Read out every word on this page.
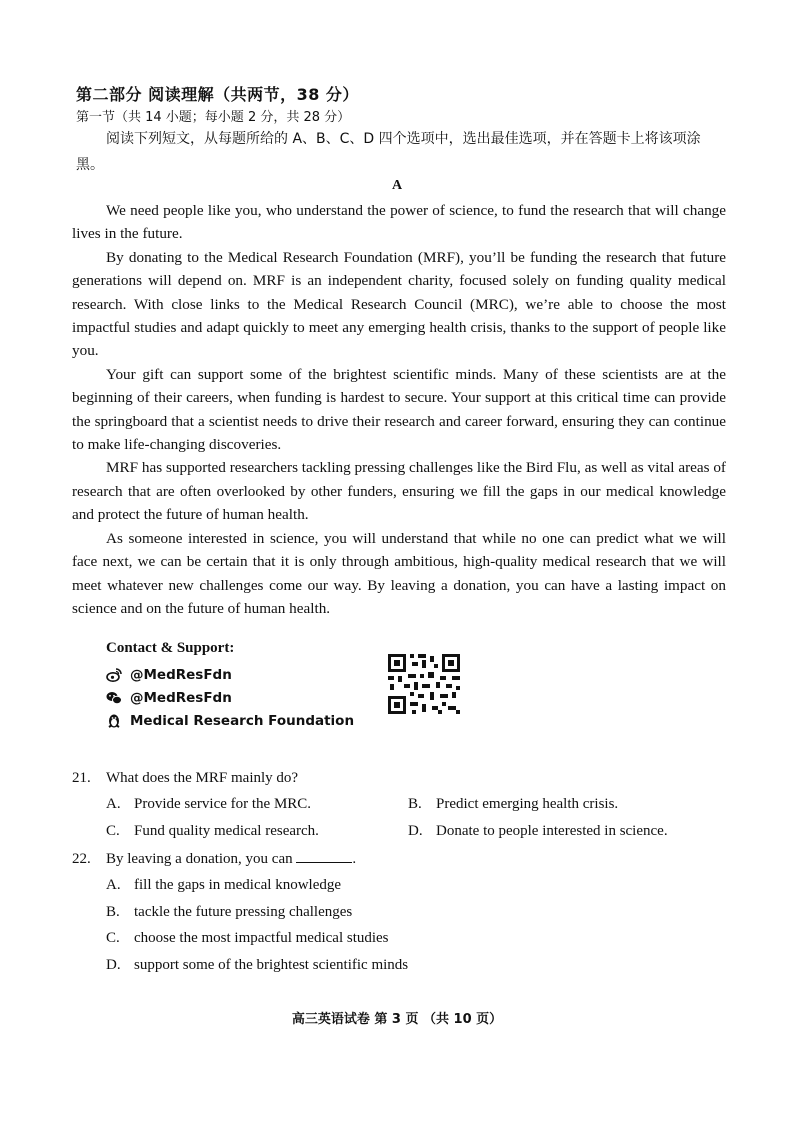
第二部分 阅读理解（共两节，38 分）
第一节（共 14 小题；每小题 2 分，共 28 分）
阅读下列短文，从每题所给的 A、B、C、D 四个选项中，选出最佳选项，并在答题卡上将该项涂黑。
A

We need people like you, who understand the power of science, to fund the research that will change lives in the future.

By donating to the Medical Research Foundation (MRF), you’ll be funding the research that future generations will depend on. MRF is an independent charity, focused solely on funding quality medical research. With close links to the Medical Research Council (MRC), we’re able to choose the most impactful studies and adapt quickly to meet any emerging health crisis, thanks to the support of people like you.

Your gift can support some of the brightest scientific minds. Many of these scientists are at the beginning of their careers, when funding is hardest to secure. Your support at this critical time can provide the springboard that a scientist needs to drive their research and career forward, ensuring they can continue to make life-changing discoveries.

MRF has supported researchers tackling pressing challenges like the Bird Flu, as well as vital areas of research that are often overlooked by other funders, ensuring we fill the gaps in our medical knowledge and protect the future of human health.

As someone interested in science, you will understand that while no one can predict what we will face next, we can be certain that it is only through ambitious, high-quality medical research that we will meet whatever new challenges come our way. By leaving a donation, you can have a lasting impact on science and on the future of human health.

Contact & Support:
@MedResFdn
@MedResFdn
Medical Research Foundation
21. What does the MRF mainly do?
A. Provide service for the MRC.	B. Predict emerging health crisis.
C. Fund quality medical research.	D. Donate to people interested in science.
22. By leaving a donation, you can	.
A. fill the gaps in medical knowledge
B. tackle the future pressing challenges
C. choose the most impactful medical studies
D. support some of the brightest scientific minds
高三英语试卷 第 3 页 （共 10 页）
